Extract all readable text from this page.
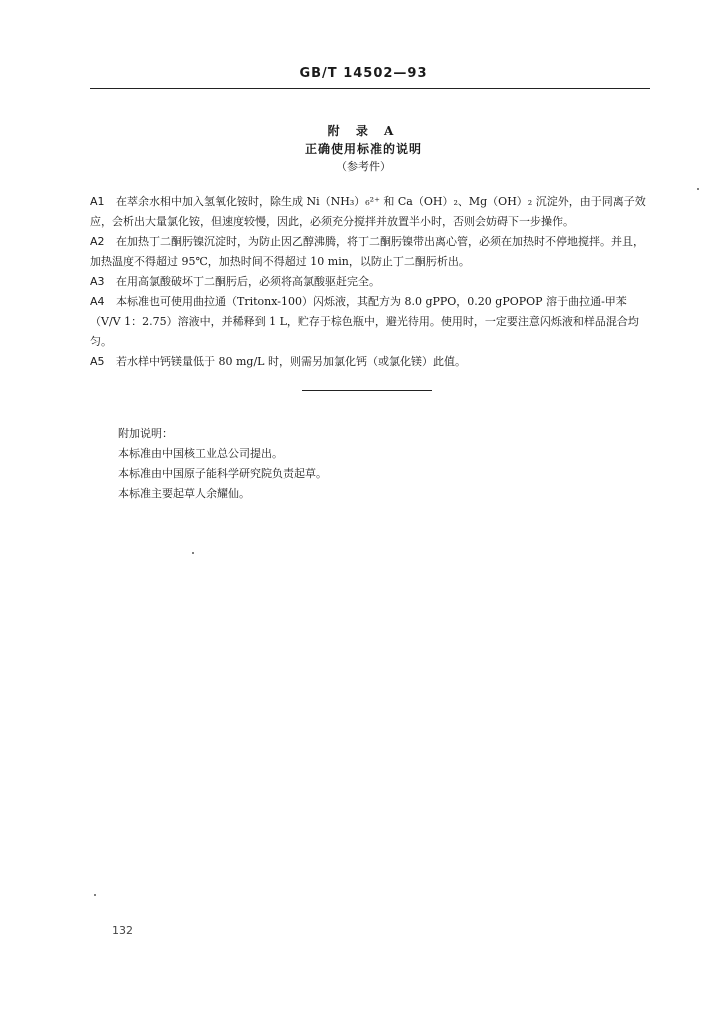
GB/T 14502—93
附 录 A
正确使用标准的说明
（参考件）

A1 在萃余水相中加入氢氧化铵时，除生成 Ni（NH₃）₆²⁺ 和 Ca（OH）₂、Mg（OH）₂ 沉淀外，由于同离子效应，会析出大量氯化铵，但速度较慢，因此，必须充分搅拌并放置半小时，否则会妨碍下一步操作。

A2 在加热丁二酮肟镍沉淀时，为防止因乙醇沸腾，将丁二酮肟镍带出离心管，必须在加热时不停地搅拌。并且，加热温度不得超过 95℃，加热时间不得超过 10 min，以防止丁二酮肟析出。

A3 在用高氯酸破坏丁二酮肟后，必须将高氯酸驱赶完全。

A4 本标准也可使用曲拉通（Tritonx-100）闪烁液，其配方为 8.0 gPPO，0.20 gPOPOP 溶于曲拉通-甲苯（V/V 1：2.75）溶液中，并稀释到 1 L，贮存于棕色瓶中，避光待用。使用时，一定要注意闪烁液和样品混合均匀。

A5 若水样中钙镁量低于 80 mg/L 时，则需另加氯化钙（或氯化镁）此值。

附加说明：

本标准由中国核工业总公司提出。

本标准由中国原子能科学研究院负责起草。

本标准主要起草人余耀仙。

132
